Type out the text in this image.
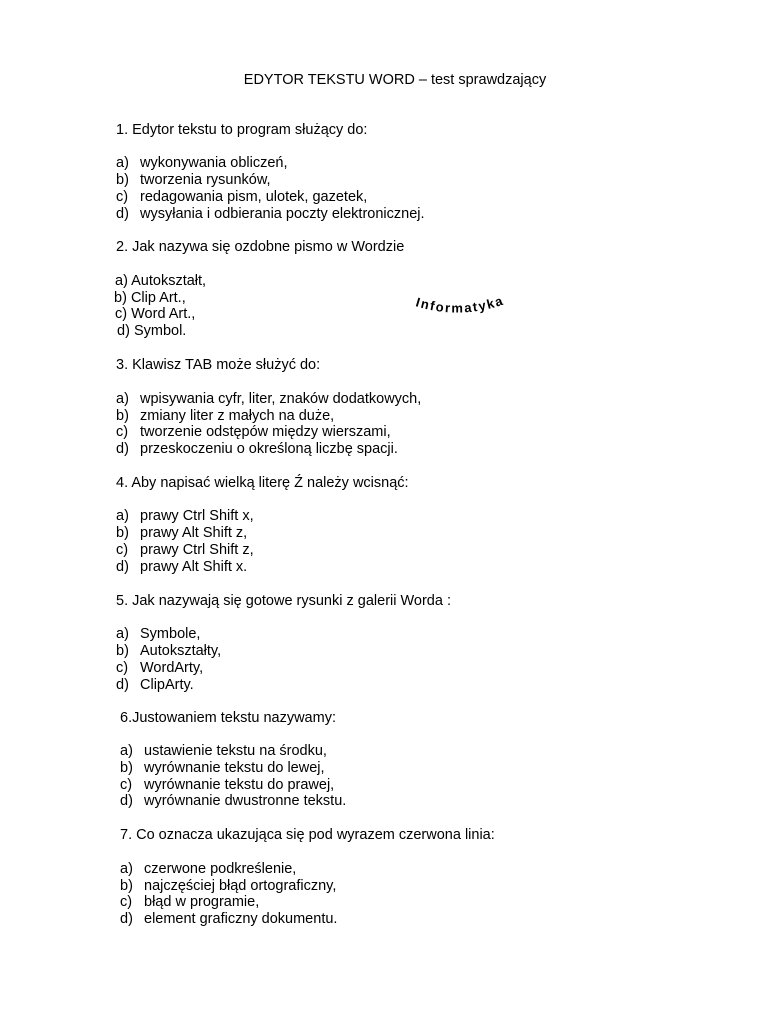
EDYTOR TEKSTU WORD – test sprawdzający
1. Edytor tekstu to program służący do:
a) wykonywania obliczeń,
b) tworzenia rysunków,
c) redagowania pism, ulotek, gazetek,
d) wysyłania i odbierania poczty elektronicznej.
2. Jak nazywa się ozdobne pismo w Wordzie
a) Autokształt,
b) Clip Art.,
c) Word Art.,
d) Symbol.
Informatyka
3. Klawisz TAB może służyć do:
a) wpisywania cyfr, liter, znaków dodatkowych,
b) zmiany liter z małych na duże,
c) tworzenie odstępów między wierszami,
d) przeskoczeniu o określoną liczbę spacji.
4. Aby napisać wielką literę Ź należy wcisnąć:
a) prawy Ctrl Shift x,
b) prawy Alt Shift z,
c) prawy Ctrl Shift z,
d) prawy Alt Shift x.
5. Jak nazywają się gotowe rysunki z galerii Worda :
a) Symbole,
b) Autokształty,
c) WordArty,
d) ClipArty.
6.Justowaniem tekstu nazywamy:
a) ustawienie tekstu na środku,
b) wyrównanie tekstu do lewej,
c) wyrównanie tekstu do prawej,
d) wyrównanie dwustronne tekstu.
7. Co oznacza ukazująca się pod wyrazem czerwona linia:
a) czerwone podkreślenie,
b) najczęściej błąd ortograficzny,
c) błąd w programie,
d) element graficzny dokumentu.
